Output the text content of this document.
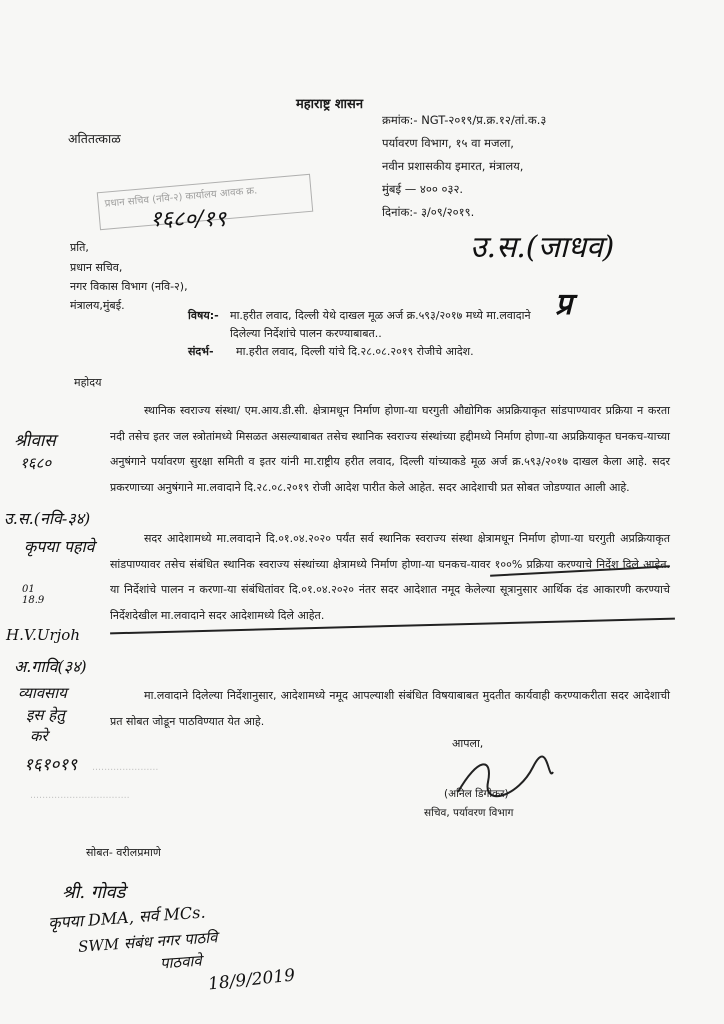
महाराष्ट्र शासन
अतितत्काळ
क्रमांक:- NGT-२०१९/प्र.क्र.१२/तां.क.३
पर्यावरण विभाग, १५ वा मजला,
नवीन प्रशासकीय इमारत, मंत्रालय,
मुंबई — ४०० ०३२.
दिनांक:- ३/०९/२०१९.
प्रधान सचिव (नवि-२) कार्यालय आवक क्र.
१६८०/१९
उ.स.(जाधव)
प्र
प्रति,
प्रधान सचिव,
नगर विकास विभाग (नवि-२),
मंत्रालय,मुंबई.
विषय:- मा.हरीत लवाद, दिल्ली येथे दाखल मूळ अर्ज क्र.५९३/२०१७ मध्ये मा.लवादाने
दिलेल्या निर्देशांचे पालन करण्याबाबत..
संदर्भ- मा.हरीत लवाद, दिल्ली यांचे दि.२८.०८.२०१९ रोजीचे आदेश.
महोदय
स्थानिक स्वराज्य संस्था/ एम.आय.डी.सी. क्षेत्रामधून निर्माण होणा-या घरगुती औद्योगिक अप्रक्रियाकृत सांडपाण्यावर प्रक्रिया न करता नदी तसेच इतर जल स्त्रोतांमध्ये मिसळत असल्याबाबत तसेच स्थानिक स्वराज्य संस्थांच्या हद्दीमध्ये निर्माण होणा-या अप्रक्रियाकृत घनकच-याच्या अनुषंगाने पर्यावरण सुरक्षा समिती व इतर यांनी मा.राष्ट्रीय हरीत लवाद, दिल्ली यांच्याकडे मूळ अर्ज क्र.५९३/२०१७ दाखल केला आहे. सदर प्रकरणाच्या अनुषंगाने मा.लवादाने दि.२८.०८.२०१९ रोजी आदेश पारीत केले आहेत. सदर आदेशाची प्रत सोबत जोडण्यात आली आहे.
सदर आदेशामध्ये मा.लवादाने दि.०१.०४.२०२० पर्यंत सर्व स्थानिक स्वराज्य संस्था क्षेत्रामधून निर्माण होणा-या घरगुती अप्रक्रियाकृत सांडपाण्यावर तसेच संबंधित स्थानिक स्वराज्य संस्थांच्या क्षेत्रामध्ये निर्माण होणा-या घनकच-यावर १००% प्रक्रिया करण्याचे निर्देश दिले आहेत. या निर्देशांचे पालन न करणा-या संबंधितांवर दि.०१.०४.२०२० नंतर सदर आदेशात नमूद केलेल्या सूत्रानुसार आर्थिक दंड आकारणी करण्याचे निर्देशदेखील मा.लवादाने सदर आदेशामध्ये दिले आहेत.
मा.लवादाने दिलेल्या निर्देशानुसार, आदेशामध्ये नमूद आपल्याशी संबंधित विषयाबाबत मुदतीत कार्यवाही करण्याकरीता सदर आदेशाची प्रत सोबत जोडून पाठविण्यात येत आहे.
श्रीवास
१६८०
उ.स.(नवि-३४)
कृपया पहावे
01
18.9
H.V.Urjoh
अ.गावि(३४)
व्यावसाय
इस हेतु
करे
१६१०१९ ......................
.................................
आपला,
(अनिल डिगीकर)
सचिव, पर्यावरण विभाग
सोबत- वरीलप्रमाणे
श्री. गोवडे
कृपया DMA, सर्व MCs.
SWM संबंध नगर पाठवि
पाठवावे
18/9/2019
